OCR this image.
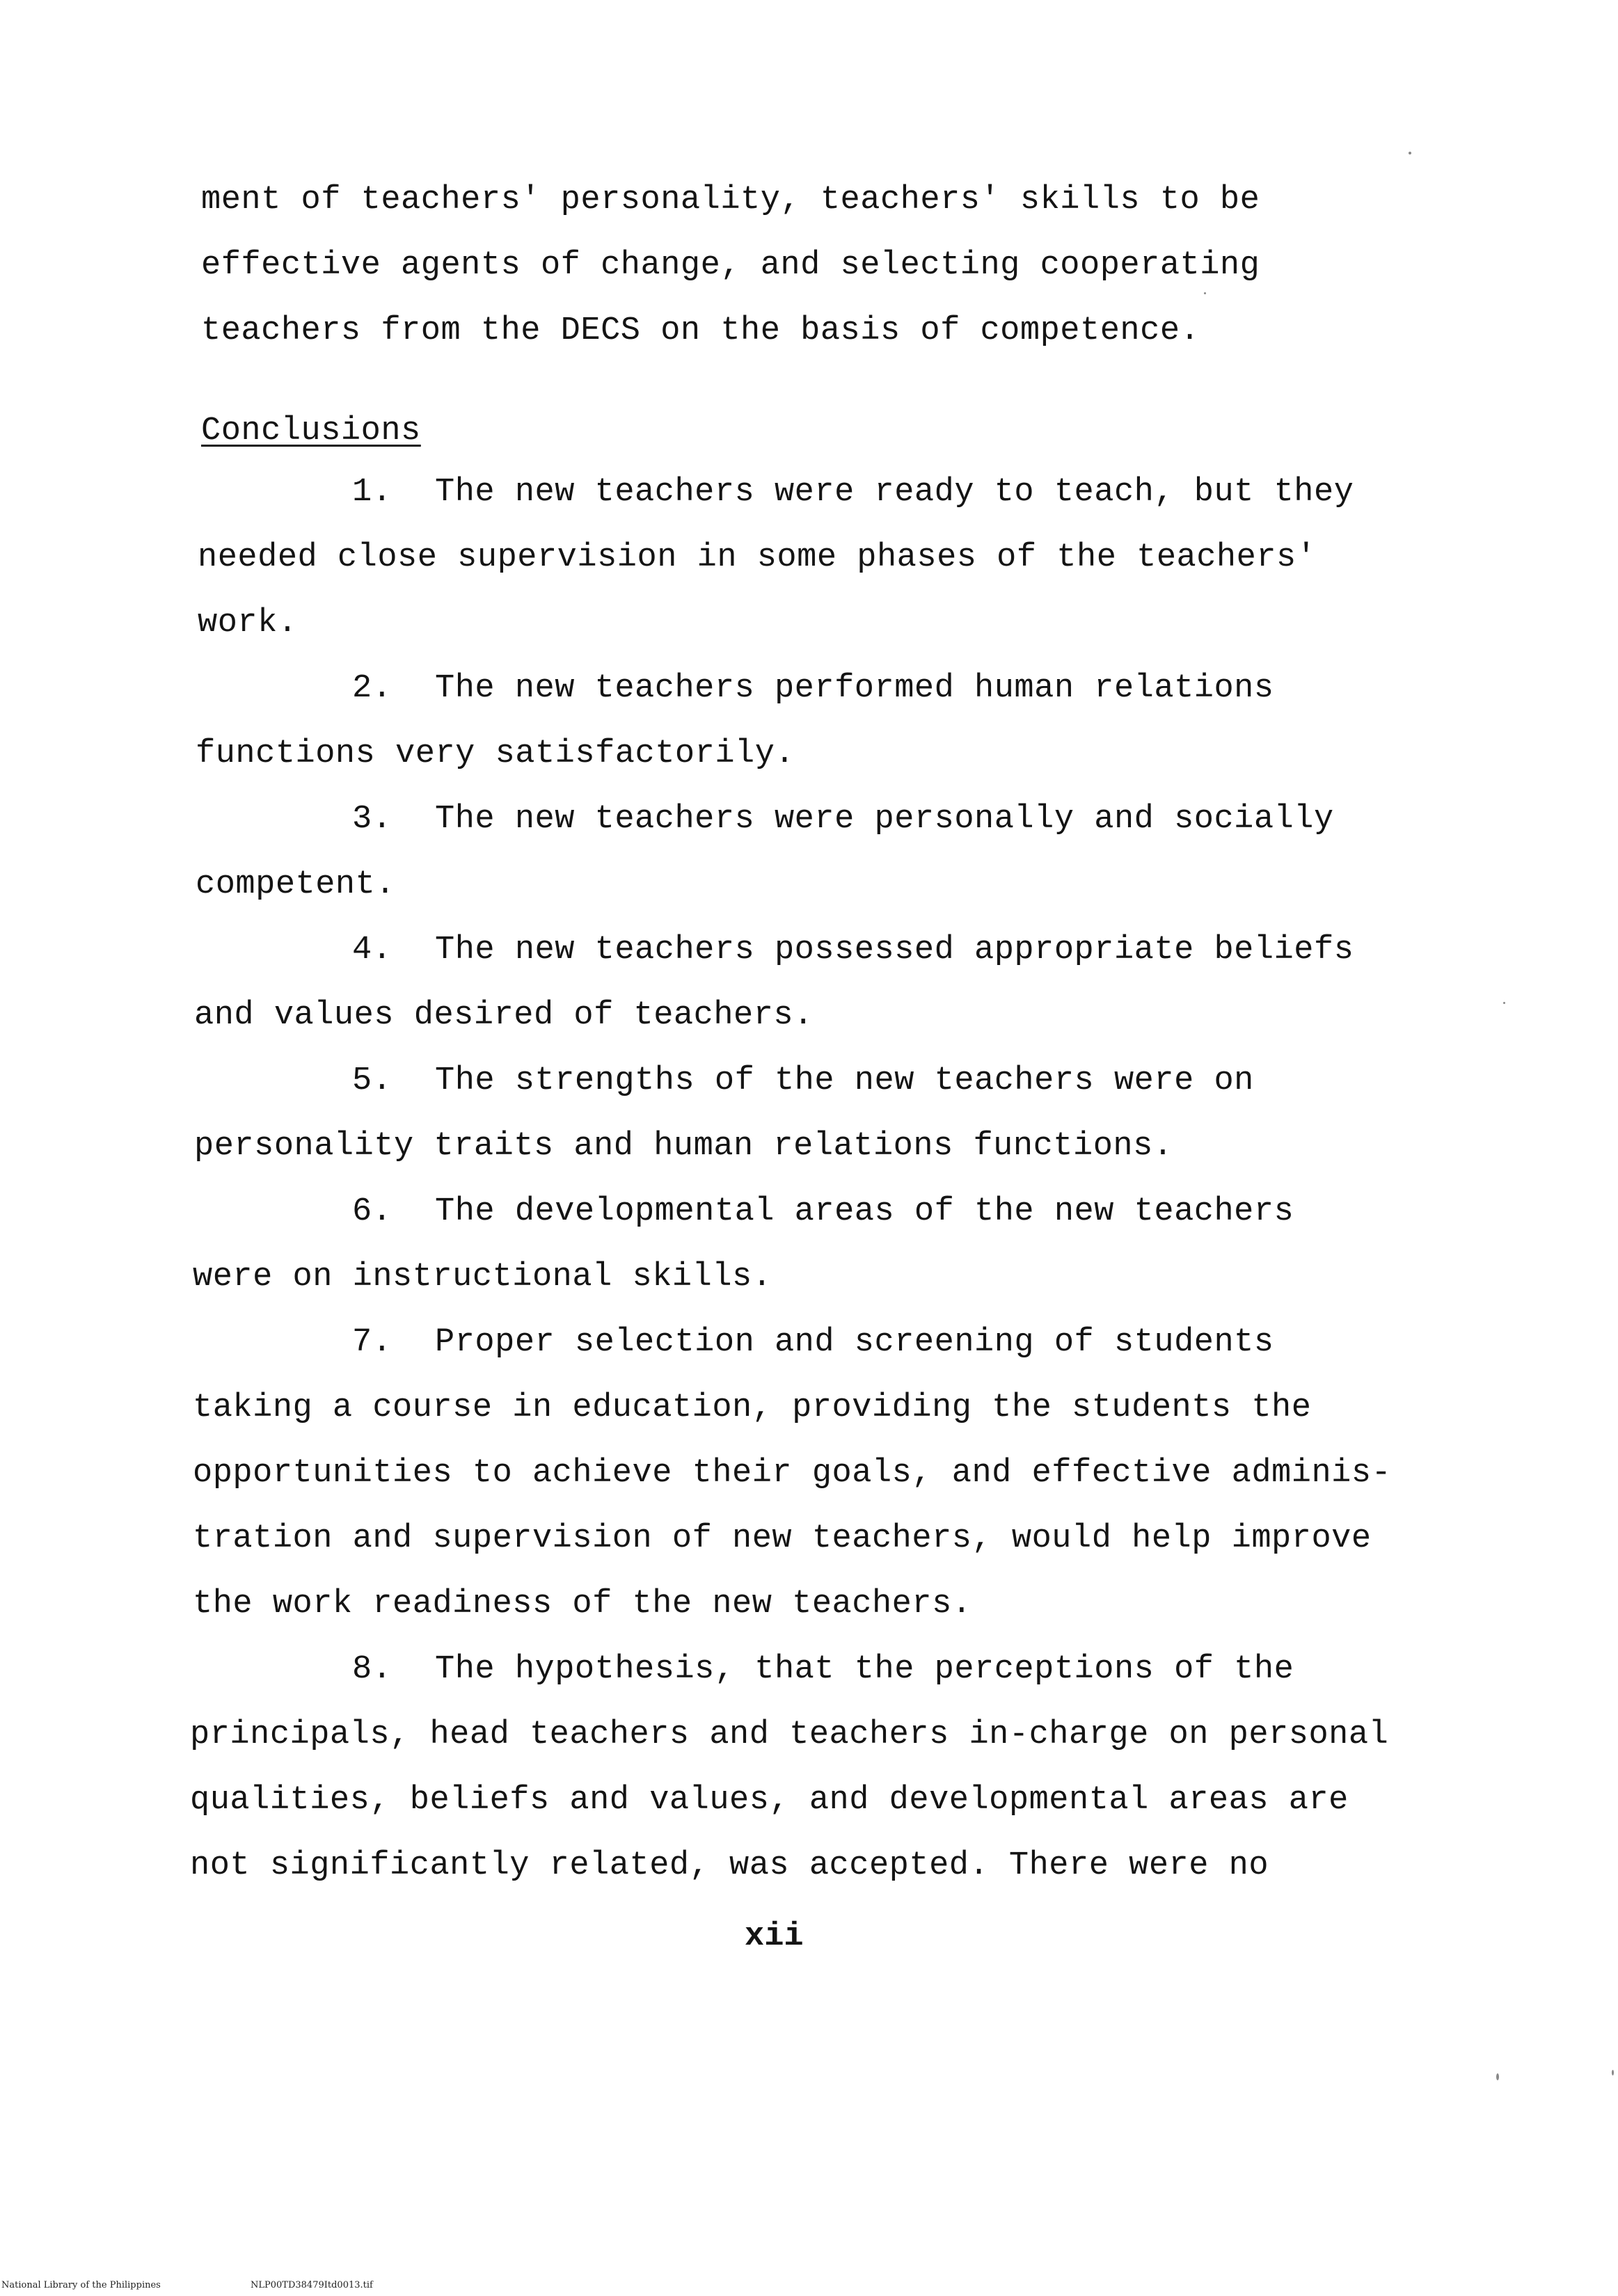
ment of teachers' personality, teachers' skills to be
effective agents of change, and selecting cooperating
teachers from the DECS on the basis of competence.
Conclusions
1. The new teachers were ready to teach, but they
needed close supervision in some phases of the teachers'
work.
2. The new teachers performed human relations
functions very satisfactorily.
3. The new teachers were personally and socially
competent.
4. The new teachers possessed appropriate beliefs
and values desired of teachers.
5. The strengths of the new teachers were on
personality traits and human relations functions.
6. The developmental areas of the new teachers
were on instructional skills.
7. Proper selection and screening of students
taking a course in education, providing the students the
opportunities to achieve their goals, and effective adminis-
tration and supervision of new teachers, would help improve
the work readiness of the new teachers.
8. The hypothesis, that the perceptions of the
principals, head teachers and teachers in-charge on personal
qualities, beliefs and values, and developmental areas are
not significantly related, was accepted. There were no
xii
National Library of the Philippines	NLP00TD38479Itd0013.tif
